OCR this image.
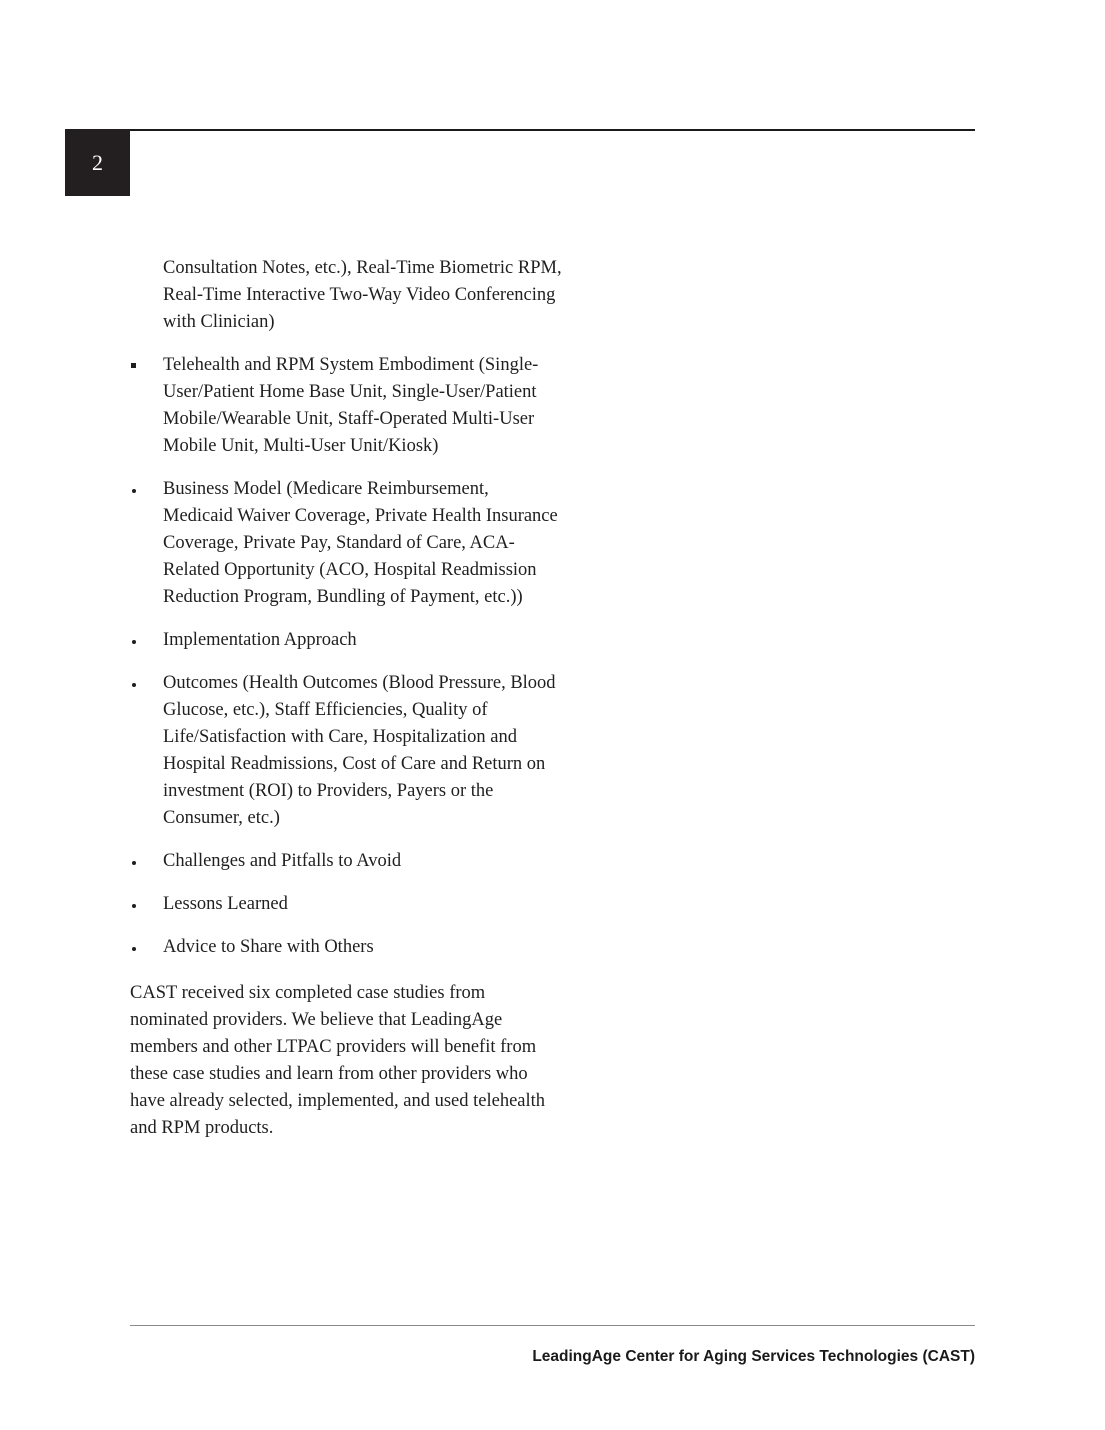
2
Consultation Notes, etc.), Real-Time Biometric RPM, Real-Time Interactive Two-Way Video Conferencing with Clinician)
Telehealth and RPM System Embodiment (Single-User/Patient Home Base Unit, Single-User/Patient Mobile/Wearable Unit, Staff-Operated Multi-User Mobile Unit, Multi-User Unit/Kiosk)
Business Model (Medicare Reimbursement, Medicaid Waiver Coverage, Private Health Insurance Coverage, Private Pay, Standard of Care, ACA-Related Opportunity (ACO, Hospital Readmission Reduction Program, Bundling of Payment, etc.))
Implementation Approach
Outcomes (Health Outcomes (Blood Pressure, Blood Glucose, etc.), Staff Efficiencies, Quality of Life/Satisfaction with Care, Hospitalization and Hospital Readmissions, Cost of Care and Return on investment (ROI) to Providers, Payers or the Consumer, etc.)
Challenges and Pitfalls to Avoid
Lessons Learned
Advice to Share with Others

CAST received six completed case studies from nominated providers. We believe that LeadingAge members and other LTPAC providers will benefit from these case studies and learn from other providers who have already selected, implemented, and used telehealth and RPM products.

LeadingAge Center for Aging Services Technologies (CAST)
